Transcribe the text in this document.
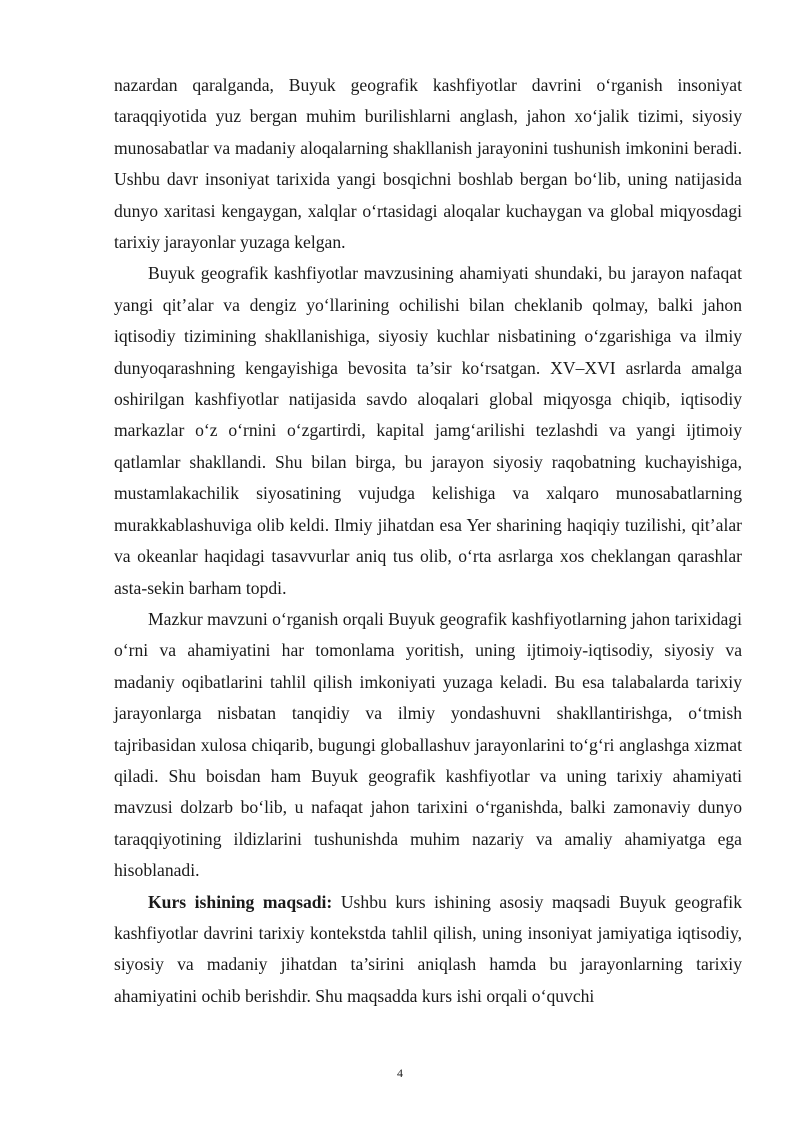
nazardan qaralganda, Buyuk geografik kashfiyotlar davrini o‘rganish insoniyat taraqqiyotida yuz bergan muhim burilishlarni anglash, jahon xo‘jalik tizimi, siyosiy munosabatlar va madaniy aloqalarning shakllanish jarayonini tushunish imkonini beradi. Ushbu davr insoniyat tarixida yangi bosqichni boshlab bergan bo‘lib, uning natijasida dunyo xaritasi kengaygan, xalqlar o‘rtasidagi aloqalar kuchaygan va global miqyosdagi tarixiy jarayonlar yuzaga kelgan.

Buyuk geografik kashfiyotlar mavzusining ahamiyati shundaki, bu jarayon nafaqat yangi qit’alar va dengiz yo‘llarining ochilishi bilan cheklanib qolmay, balki jahon iqtisodiy tizimining shakllanishiga, siyosiy kuchlar nisbatining o‘zgarishiga va ilmiy dunyoqarashning kengayishiga bevosita ta’sir ko‘rsatgan. XV–XVI asrlarda amalga oshirilgan kashfiyotlar natijasida savdo aloqalari global miqyosga chiqib, iqtisodiy markazlar o‘z o‘rnini o‘zgartirdi, kapital jamg‘arilishi tezlashdi va yangi ijtimoiy qatlamlar shakllandi. Shu bilan birga, bu jarayon siyosiy raqobatning kuchayishiga, mustamlakachilik siyosatining vujudga kelishiga va xalqaro munosabatlarning murakkablashuviga olib keldi. Ilmiy jihatdan esa Yer sharining haqiqiy tuzilishi, qit’alar va okeanlar haqidagi tasavvurlar aniq tus olib, o‘rta asrlarga xos cheklangan qarashlar asta-sekin barham topdi.

Mazkur mavzuni o‘rganish orqali Buyuk geografik kashfiyotlarning jahon tarixidagi o‘rni va ahamiyatini har tomonlama yoritish, uning ijtimoiy-iqtisodiy, siyosiy va madaniy oqibatlarini tahlil qilish imkoniyati yuzaga keladi. Bu esa talabalarda tarixiy jarayonlarga nisbatan tanqidiy va ilmiy yondashuvni shakllantirishga, o‘tmish tajribasidan xulosa chiqarib, bugungi globallashuv jarayonlarini to‘g‘ri anglashga xizmat qiladi. Shu boisdan ham Buyuk geografik kashfiyotlar va uning tarixiy ahamiyati mavzusi dolzarb bo‘lib, u nafaqat jahon tarixini o‘rganishda, balki zamonaviy dunyo taraqqiyotining ildizlarini tushunishda muhim nazariy va amaliy ahamiyatga ega hisoblanadi.

Kurs ishining maqsadi: Ushbu kurs ishining asosiy maqsadi Buyuk geografik kashfiyotlar davrini tarixiy kontekstda tahlil qilish, uning insoniyat jamiyatiga iqtisodiy, siyosiy va madaniy jihatdan ta’sirini aniqlash hamda bu jarayonlarning tarixiy ahamiyatini ochib berishdir. Shu maqsadda kurs ishi orqali o‘quvchi

4
